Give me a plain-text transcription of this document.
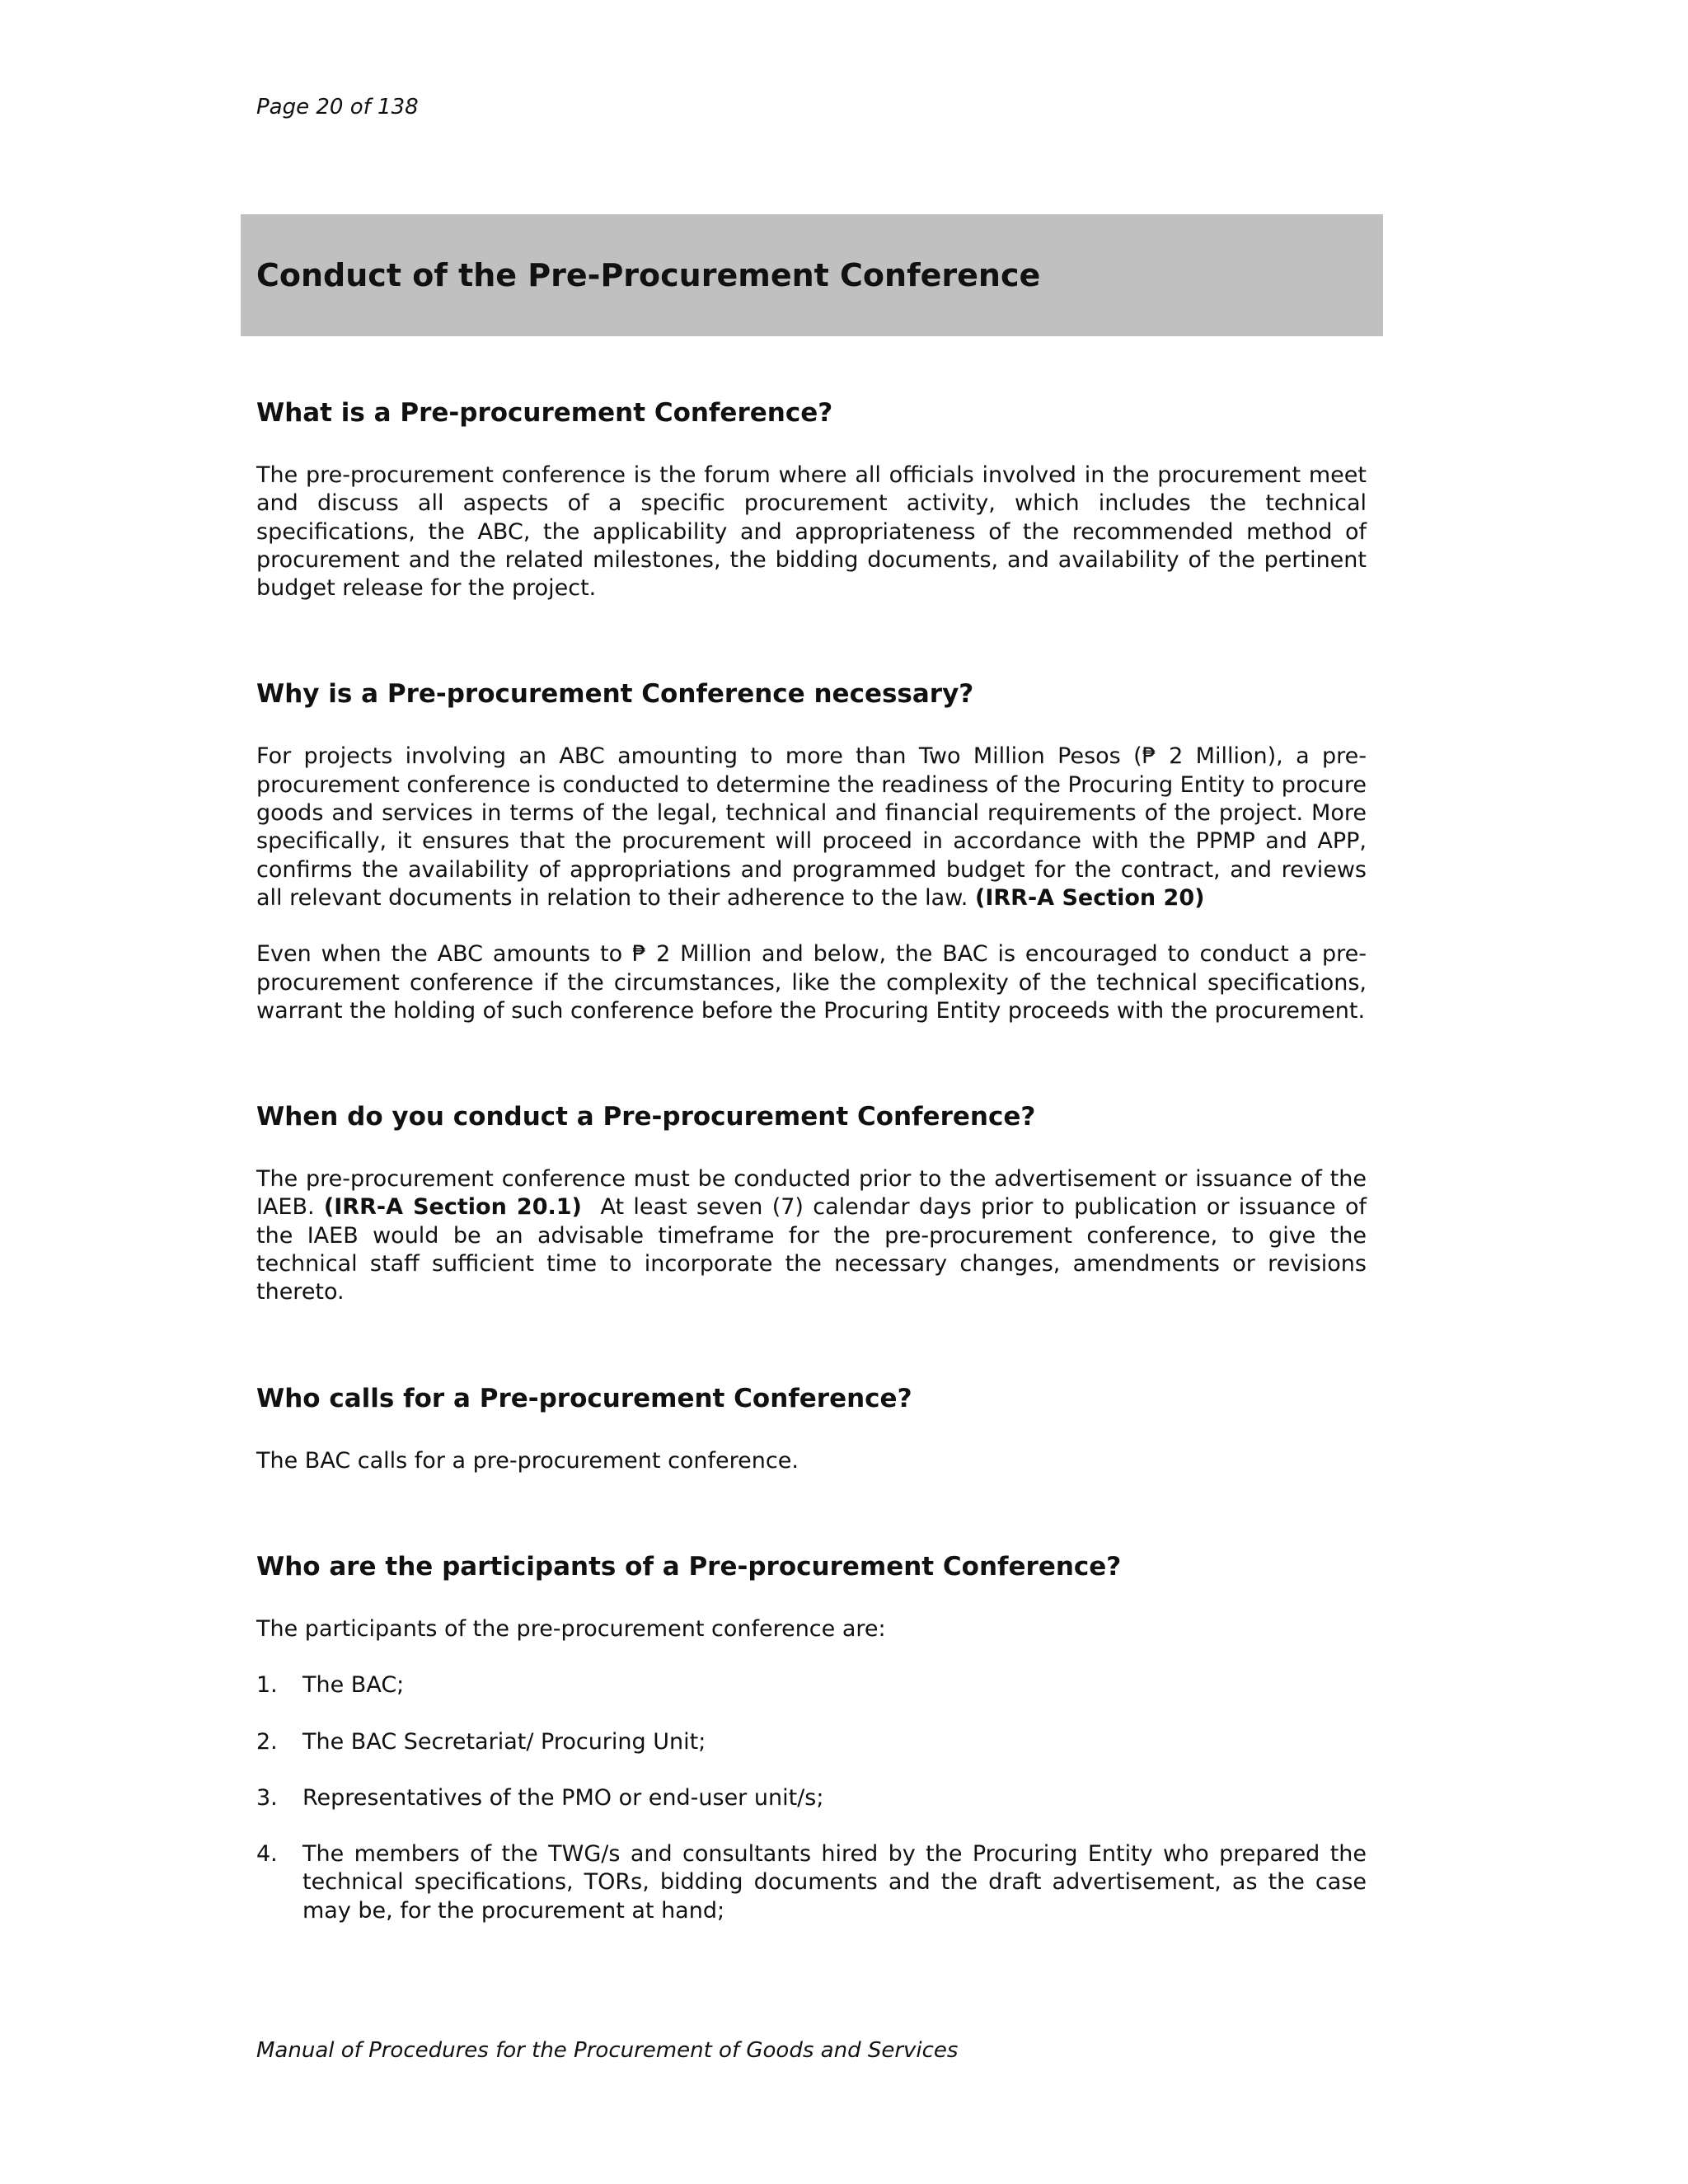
Page 20 of 138
Conduct of the Pre-Procurement Conference
What is a Pre-procurement Conference?

The pre-procurement conference is the forum where all officials involved in the procurement meet and discuss all aspects of a specific procurement activity, which includes the technical specifications, the ABC, the applicability and appropriateness of the recommended method of procurement and the related milestones, the bidding documents, and availability of the pertinent budget release for the project.

Why is a Pre-procurement Conference necessary?

For projects involving an ABC amounting to more than Two Million Pesos (₱ 2 Million), a pre-procurement conference is conducted to determine the readiness of the Procuring Entity to procure goods and services in terms of the legal, technical and financial requirements of the project. More specifically, it ensures that the procurement will proceed in accordance with the PPMP and APP, confirms the availability of appropriations and programmed budget for the contract, and reviews all relevant documents in relation to their adherence to the law. (IRR-A Section 20)

Even when the ABC amounts to ₱ 2 Million and below, the BAC is encouraged to conduct a pre-procurement conference if the circumstances, like the complexity of the technical specifications, warrant the holding of such conference before the Procuring Entity proceeds with the procurement.

When do you conduct a Pre-procurement Conference?

The pre-procurement conference must be conducted prior to the advertisement or issuance of the IAEB. (IRR-A Section 20.1) At least seven (7) calendar days prior to publication or issuance of the IAEB would be an advisable timeframe for the pre-procurement conference, to give the technical staff sufficient time to incorporate the necessary changes, amendments or revisions thereto.

Who calls for a Pre-procurement Conference?

The BAC calls for a pre-procurement conference.

Who are the participants of a Pre-procurement Conference?

The participants of the pre-procurement conference are:

1.	The BAC;
2.	The BAC Secretariat/ Procuring Unit;
3.	Representatives of the PMO or end-user unit/s;
4.	The members of the TWG/s and consultants hired by the Procuring Entity who prepared the technical specifications, TORs, bidding documents and the draft advertisement, as the case may be, for the procurement at hand;
Manual of Procedures for the Procurement of Goods and Services
